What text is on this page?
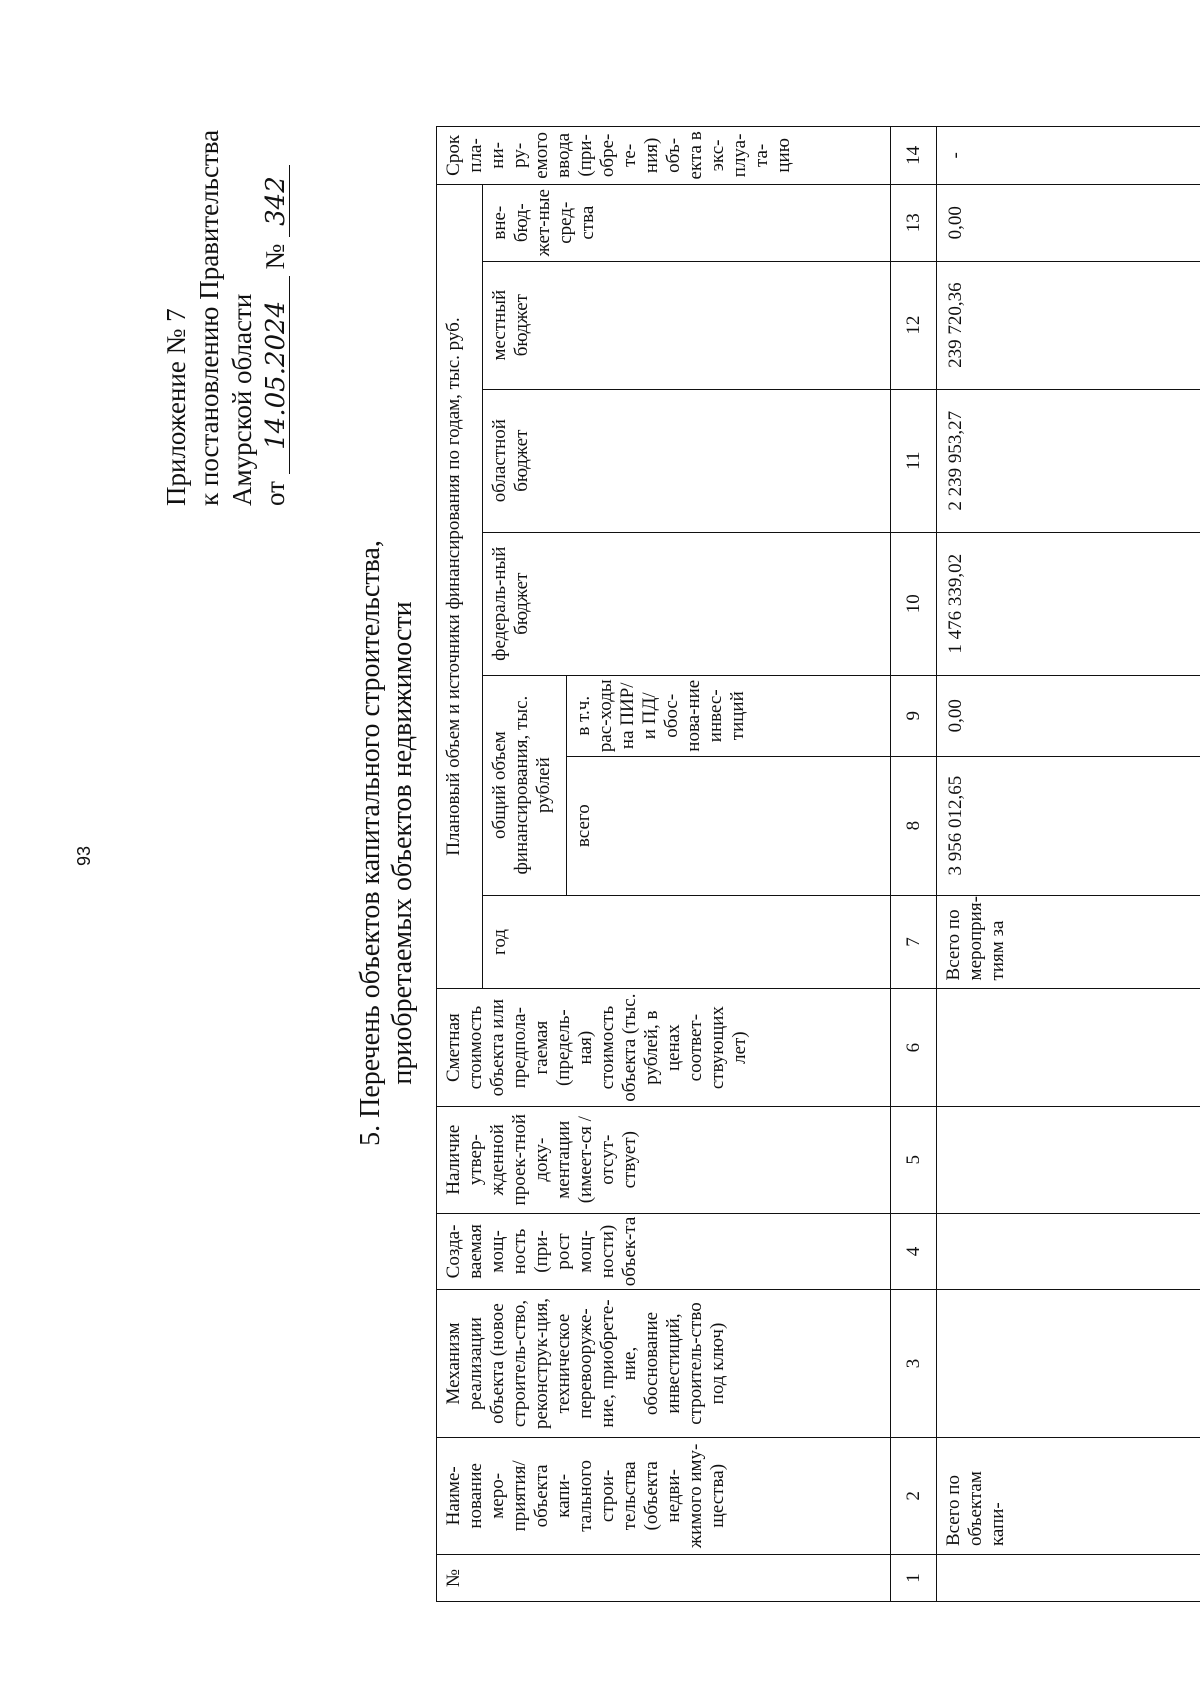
93
Приложение № 7 к постановлению Правительства Амурской области от 14.05.2024 № 342
5. Перечень объектов капитального строительства, приобретаемых объектов недвижимости
№	Наиме-нование меро-приятия/ объекта капи-тального строи-тельства (объекта недви-жимого иму-щества)	Механизм реализации объекта (новое строитель-ство, реконструк-ция, техническое перевооруже-ние, приобрете-ние, обоснование инвестиций, строитель-ство под ключ)	Созда-ваемая мощ-ность (при-рост мощ-ности) объек-та	Наличие утвер-жденной проек-тной доку-ментации (имеет-ся / отсут-ствует)	Сметная стоимость объекта или предпола-гаемая (предель-ная) стоимость объекта (тыс. рублей, в ценах соответ-ствующих лет)	Плановый объем и источники финансирования по годам, тыс. руб.							Срок пла-ни-ру-емого ввода (при-обре-те-ния) объ-екта в экс-плуа-та-цию
						год	общий объем финансирования, тыс. рублей		федераль-ный бюджет	областной бюджет	местный бюджет	вне-бюд-жет-ные сред-ства	
							всего	в т.ч. рас-ходы на ПИР/и ПД/ обос-нова-ние инвес-тиций					
1	2	3	4	5	6	7	8	9	10	11	12	13	14
	Всего по объектам капи-					Всего по мероприя-тиям за	3 956 012,65	0,00	1 476 339,02	2 239 953,27	239 720,36	0,00	-
